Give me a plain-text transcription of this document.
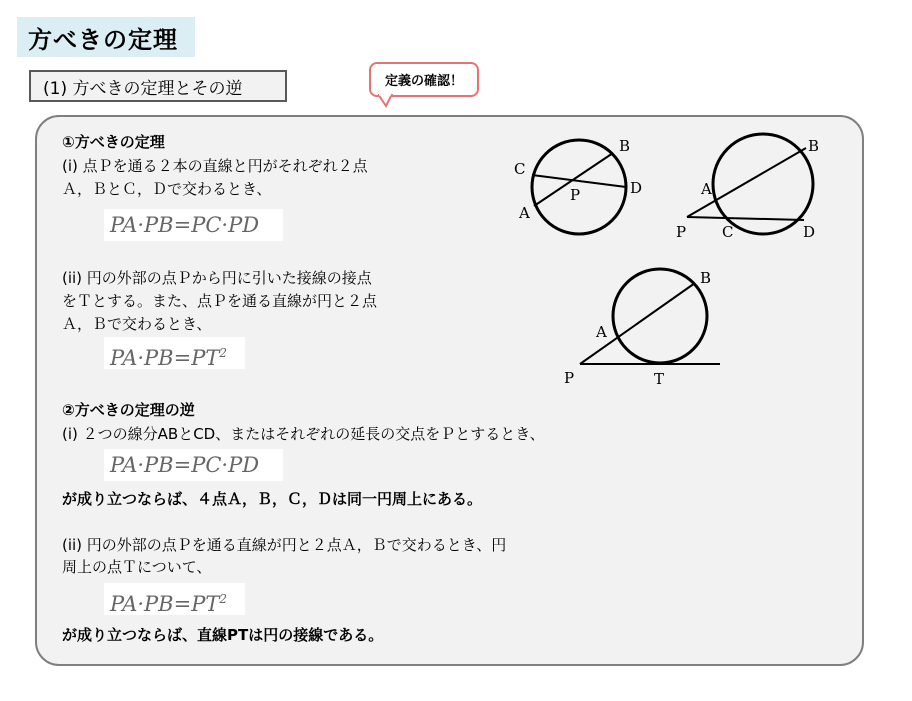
方べきの定理
(1) 方べきの定理とその逆	定義の確認！
①方べきの定理
(i) 点Ｐを通る２本の直線と円がそれぞれ２点
Ａ，ＢとＣ，Ｄで交わるとき、
PA·PB=PC·PD
(ii) 円の外部の点Ｐから円に引いた接線の接点
をＴとする。また、点Ｐを通る直線が円と２点
Ａ，Ｂで交わるとき、
$PA\cdot PB=PT^2$
②方べきの定理の逆
(i) ２つの線分ABとCD、またはそれぞれの延長の交点をＰとするとき、
PA·PB=PC·PD
が成り立つならば、４点Ａ，Ｂ，Ｃ，Ｄは同一円周上にある。
(ii) 円の外部の点Ｐを通る直線が円と２点Ａ，Ｂで交わるとき、円
周上の点Ｔについて、
$PA\cdot PB=PT^2$
が成り立つならば、直線PTは円の接線である。
B
C
D
P
A
B
A
P C	D
B
A
P	T
